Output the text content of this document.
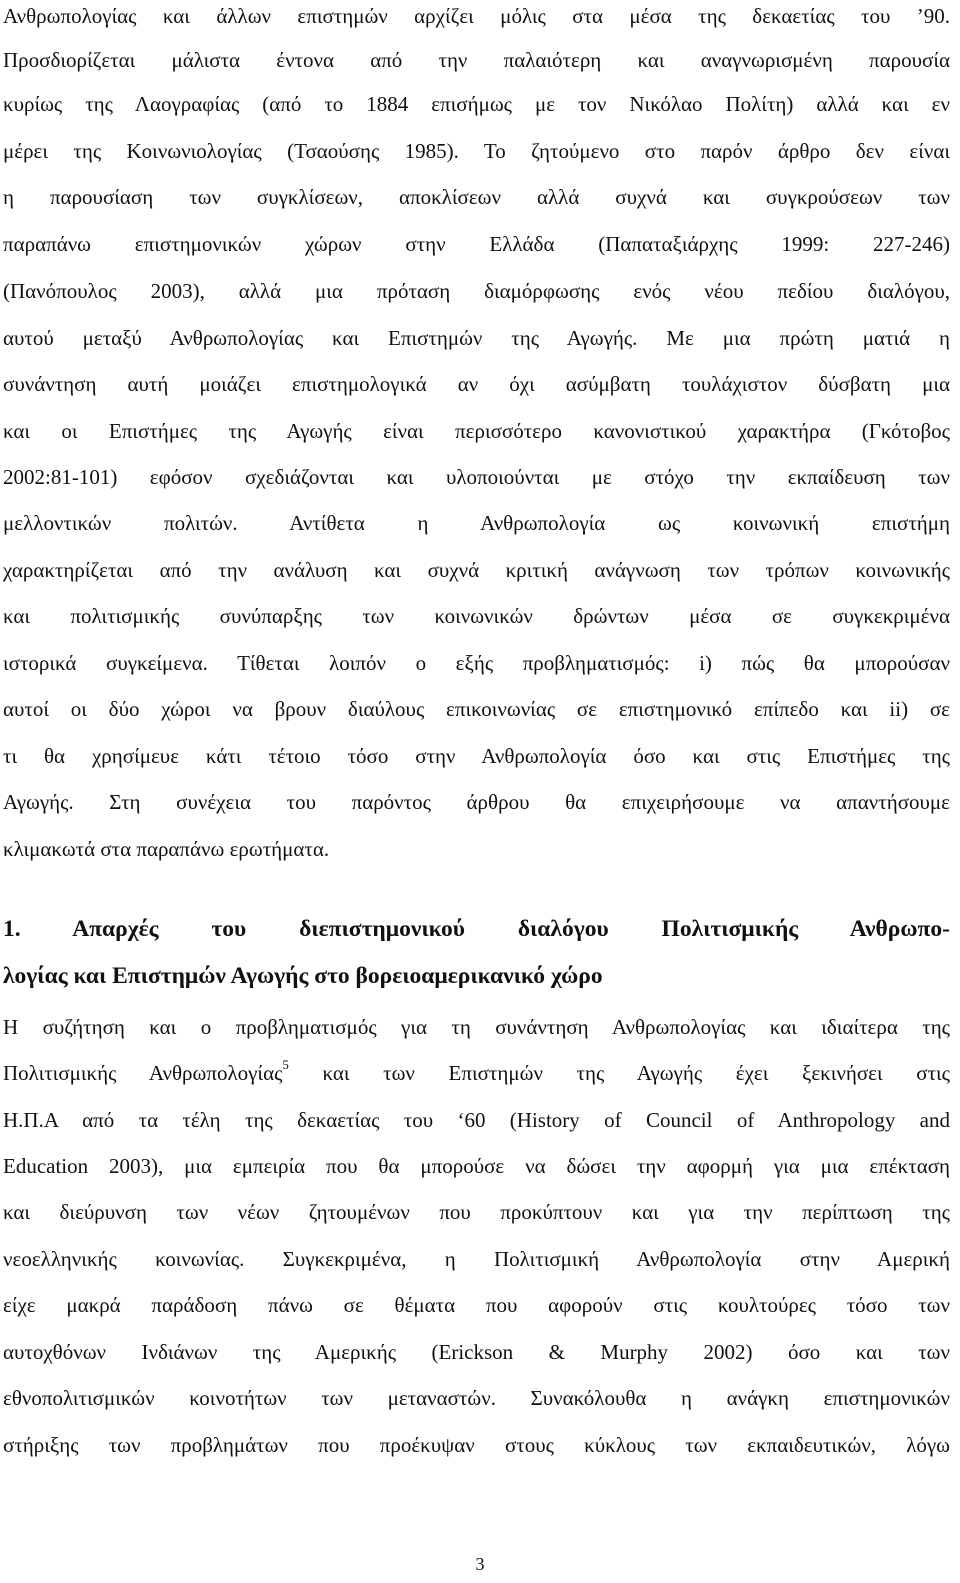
Ανθρωπολογίας και άλλων επιστημών αρχίζει μόλις στα μέσα της δεκαετίας του ’90.
Προσδιορίζεται μάλιστα έντονα από την παλαιότερη και αναγνωρισμένη παρουσία
κυρίως της Λαογραφίας (από το 1884 επισήμως με τον Νικόλαο Πολίτη) αλλά και εν
μέρει της Κοινωνιολογίας (Τσαούσης 1985). Το ζητούμενο στο παρόν άρθρο δεν είναι
η παρουσίαση των συγκλίσεων, αποκλίσεων αλλά συχνά και συγκρούσεων των
παραπάνω επιστημονικών χώρων στην Ελλάδα (Παπαταξιάρχης 1999: 227-246)
(Πανόπουλος 2003), αλλά μια πρόταση διαμόρφωσης ενός νέου πεδίου διαλόγου,
αυτού μεταξύ Ανθρωπολογίας και Επιστημών της Αγωγής. Με μια πρώτη ματιά η
συνάντηση αυτή μοιάζει επιστημολογικά αν όχι ασύμβατη τουλάχιστον δύσβατη μια
και οι Επιστήμες της Αγωγής είναι περισσότερο κανονιστικού χαρακτήρα (Γκότοβος
2002:81-101) εφόσον σχεδιάζονται και υλοποιούνται με στόχο την εκπαίδευση των
μελλοντικών πολιτών. Αντίθετα η Ανθρωπολογία ως κοινωνική επιστήμη
χαρακτηρίζεται από την ανάλυση και συχνά κριτική ανάγνωση των τρόπων κοινωνικής
και πολιτισμικής συνύπαρξης των κοινωνικών δρώντων μέσα σε συγκεκριμένα
ιστορικά συγκείμενα. Τίθεται λοιπόν ο εξής προβληματισμός: i) πώς θα μπορούσαν
αυτοί οι δύο χώροι να βρουν διαύλους επικοινωνίας σε επιστημονικό επίπεδο και ii) σε
τι θα χρησίμευε κάτι τέτοιο τόσο στην Ανθρωπολογία όσο και στις Επιστήμες της
Αγωγής. Στη συνέχεια του παρόντος άρθρου θα επιχειρήσουμε να απαντήσουμε
κλιμακωτά στα παραπάνω ερωτήματα.
1. Απαρχές του διεπιστημονικού διαλόγου Πολιτισμικής Ανθρωπο-
λογίας και Επιστημών Αγωγής στο βορειοαμερικανικό χώρο
Η συζήτηση και ο προβληματισμός για τη συνάντηση Ανθρωπολογίας και ιδιαίτερα της
Πολιτισμικής Ανθρωπολογίας$^5$ και των Επιστημών της Αγωγής έχει ξεκινήσει στις
Η.Π.Α από τα τέλη της δεκαετίας του ‘60 (History of Council of Anthropology and
Education 2003), μια εμπειρία που θα μπορούσε να δώσει την αφορμή για μια επέκταση
και διεύρυνση των νέων ζητουμένων που προκύπτουν και για την περίπτωση της
νεοελληνικής κοινωνίας. Συγκεκριμένα, η Πολιτισμική Ανθρωπολογία στην Αμερική
είχε μακρά παράδοση πάνω σε θέματα που αφορούν στις κουλτούρες τόσο των
αυτοχθόνων Ινδιάνων της Αμερικής (Erickson & Murphy 2002) όσο και των
εθνοπολιτισμικών κοινοτήτων των μεταναστών. Συνακόλουθα η ανάγκη επιστημονικών
στήριξης των προβλημάτων που προέκυψαν στους κύκλους των εκπαιδευτικών, λόγω
3
